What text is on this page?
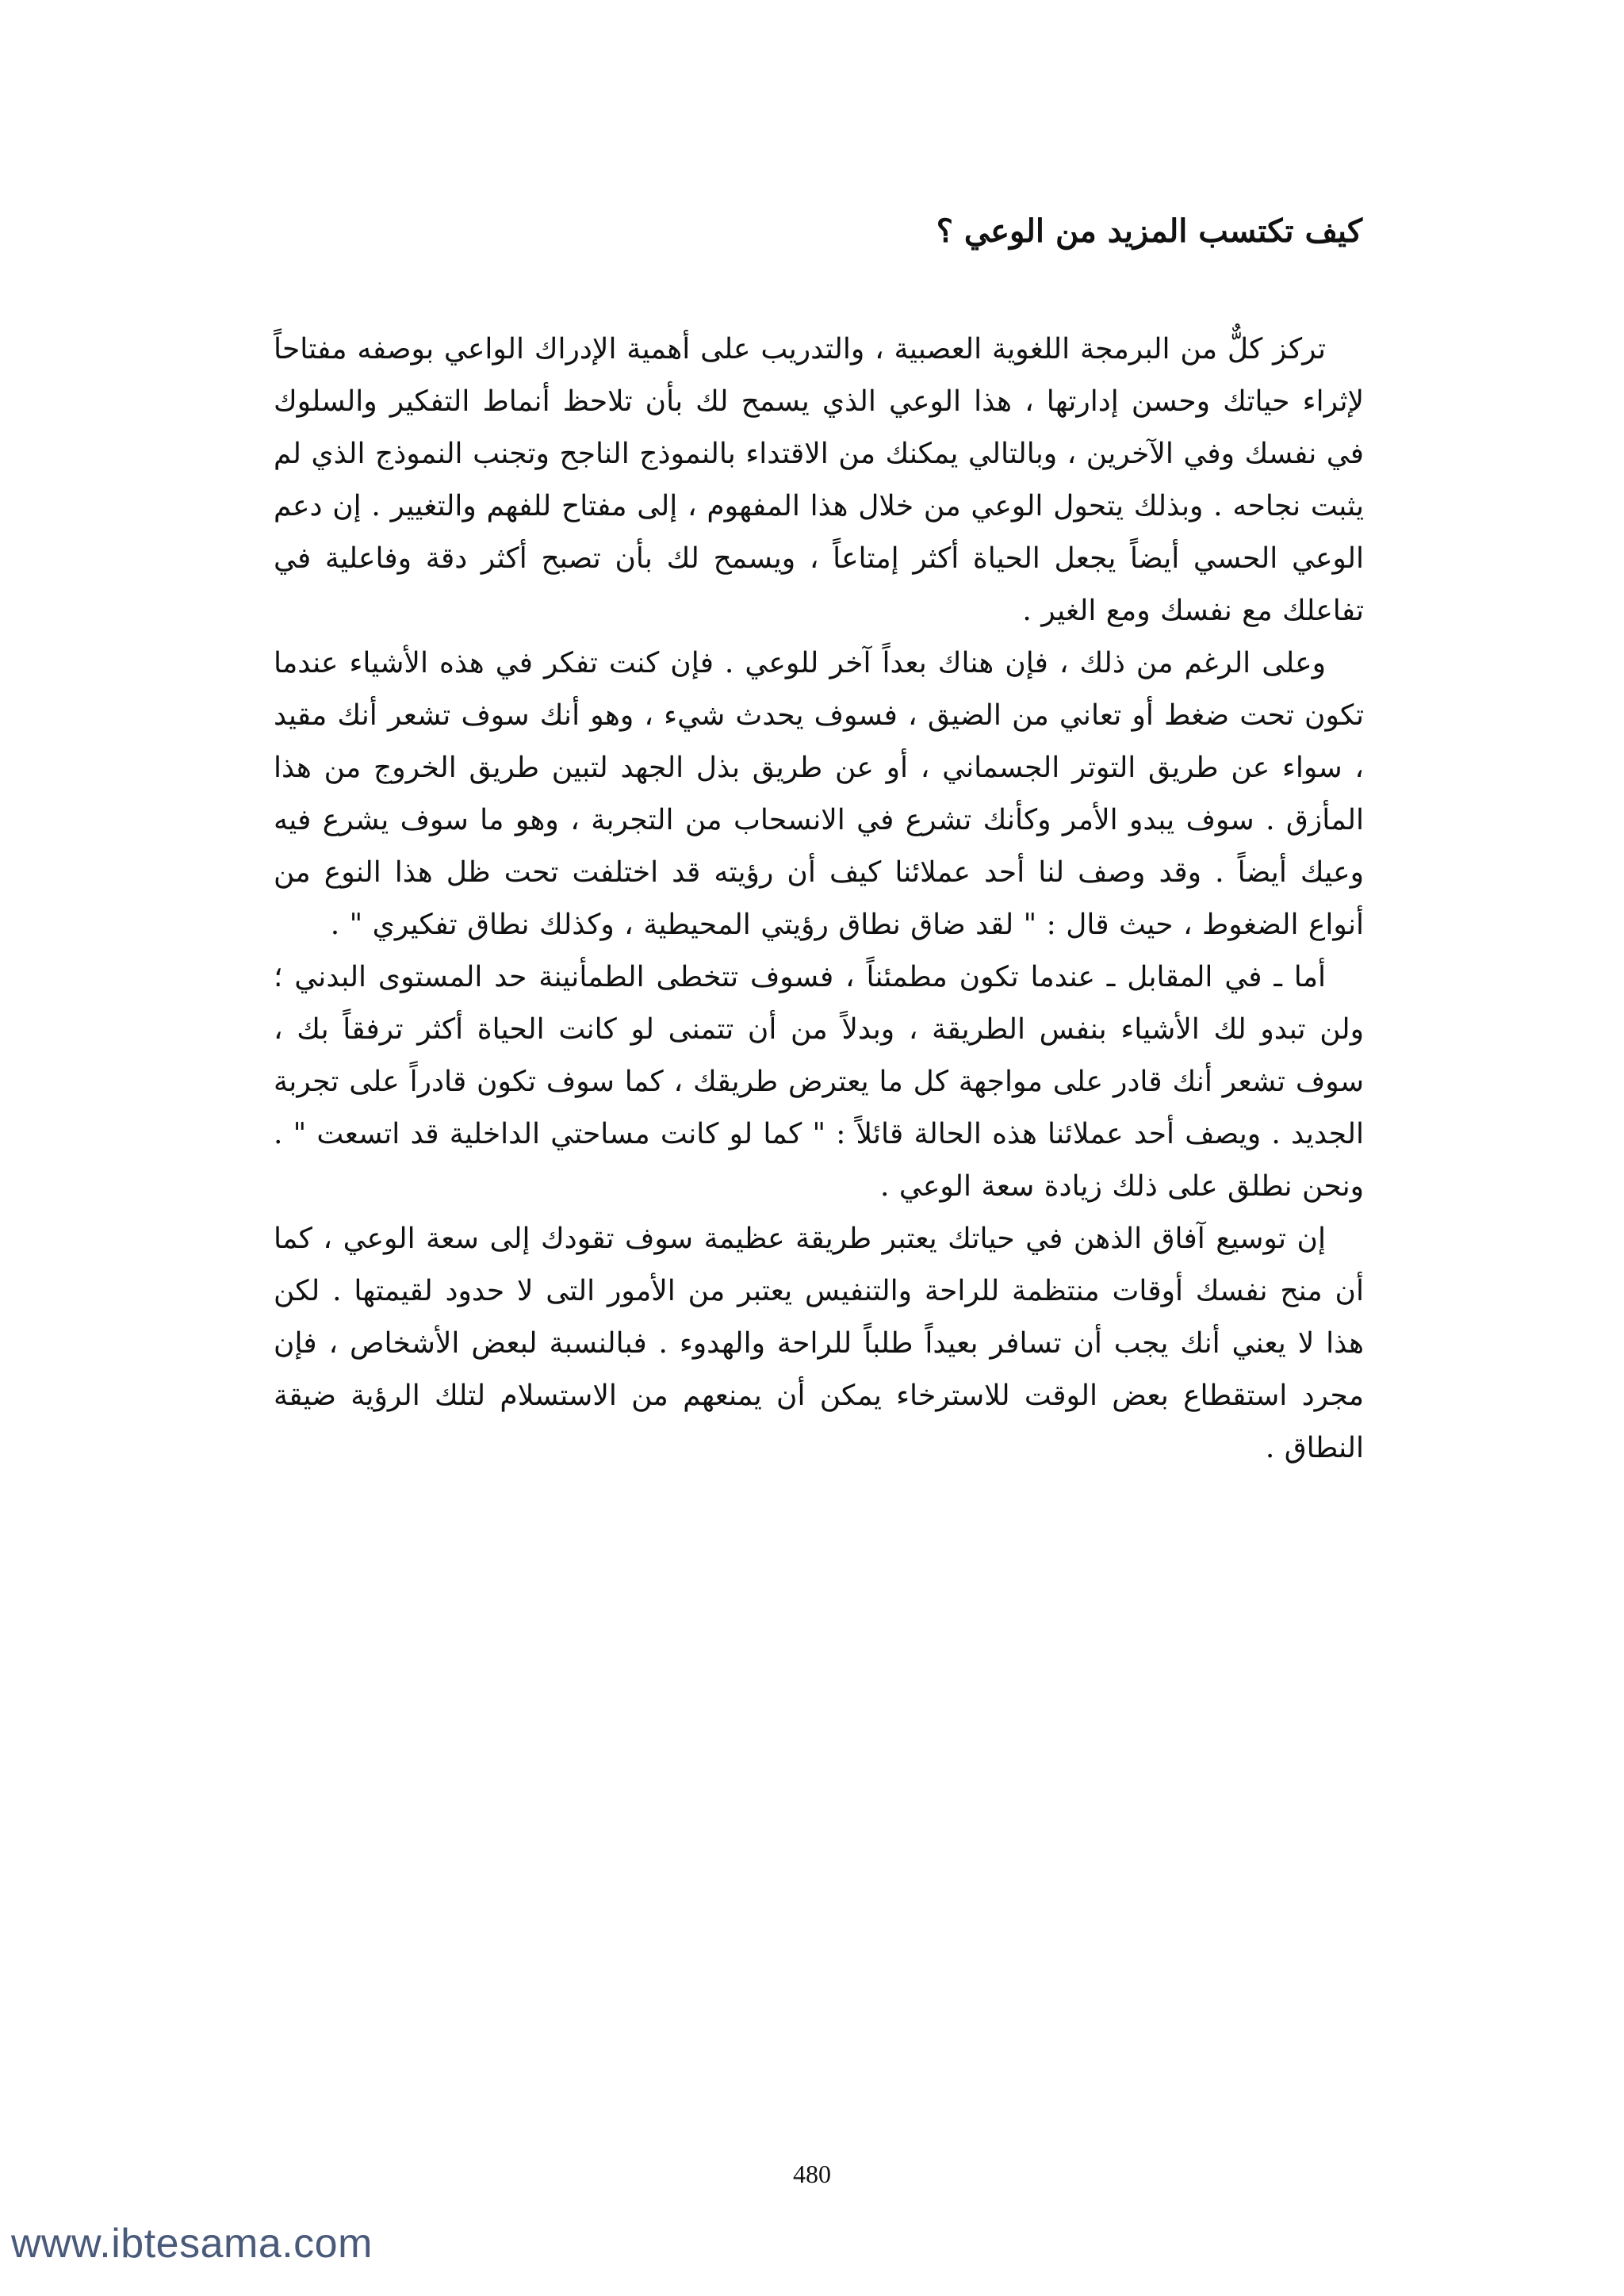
كيف تكتسب المزيد من الوعي ؟

تركز كلٌّ من البرمجة اللغوية العصبية ، والتدريب على أهمية الإدراك الواعي بوصفه مفتاحاً لإثراء حياتك وحسن إدارتها ، هذا الوعي الذي يسمح لك بأن تلاحظ أنماط التفكير والسلوك في نفسك وفي الآخرين ، وبالتالي يمكنك من الاقتداء بالنموذج الناجح وتجنب النموذج الذي لم يثبت نجاحه . وبذلك يتحول الوعي من خلال هذا المفهوم ، إلى مفتاح للفهم والتغيير . إن دعم الوعي الحسي أيضاً يجعل الحياة أكثر إمتاعاً ، ويسمح لك بأن تصبح أكثر دقة وفاعلية في تفاعلك مع نفسك ومع الغير .

وعلى الرغم من ذلك ، فإن هناك بعداً آخر للوعي . فإن كنت تفكر في هذه الأشياء عندما تكون تحت ضغط أو تعاني من الضيق ، فسوف يحدث شيء ، وهو أنك سوف تشعر أنك مقيد ، سواء عن طريق التوتر الجسماني ، أو عن طريق بذل الجهد لتبين طريق الخروج من هذا المأزق . سوف يبدو الأمر وكأنك تشرع في الانسحاب من التجربة ، وهو ما سوف يشرع فيه وعيك أيضاً . وقد وصف لنا أحد عملائنا كيف أن رؤيته قد اختلفت تحت ظل هذا النوع من أنواع الضغوط ، حيث قال : " لقد ضاق نطاق رؤيتي المحيطية ، وكذلك نطاق تفكيري " .

أما ـ في المقابل ـ عندما تكون مطمئناً ، فسوف تتخطى الطمأنينة حد المستوى البدني ؛ ولن تبدو لك الأشياء بنفس الطريقة ، وبدلاً من أن تتمنى لو كانت الحياة أكثر ترفقاً بك ، سوف تشعر أنك قادر على مواجهة كل ما يعترض طريقك ، كما سوف تكون قادراً على تجربة الجديد . ويصف أحد عملائنا هذه الحالة قائلاً : " كما لو كانت مساحتي الداخلية قد اتسعت " . ونحن نطلق على ذلك زيادة سعة الوعي .

إن توسيع آفاق الذهن في حياتك يعتبر طريقة عظيمة سوف تقودك إلى سعة الوعي ، كما أن منح نفسك أوقات منتظمة للراحة والتنفيس يعتبر من الأمور التى لا حدود لقيمتها . لكن هذا لا يعني أنك يجب أن تسافر بعيداً طلباً للراحة والهدوء . فبالنسبة لبعض الأشخاص ، فإن مجرد استقطاع بعض الوقت للاسترخاء يمكن أن يمنعهم من الاستسلام لتلك الرؤية ضيقة النطاق .

480
www.ibtesama.com
